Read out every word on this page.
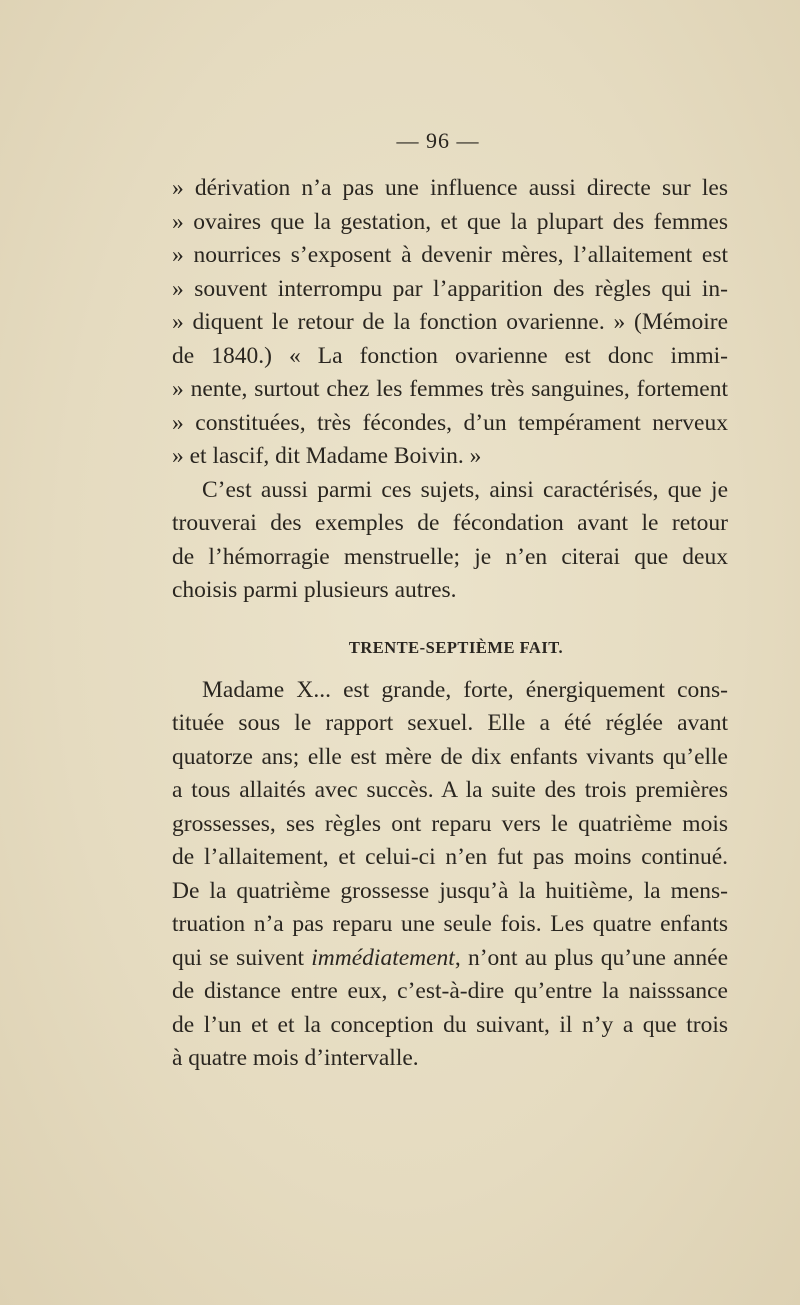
— 96 —
» dérivation n’a pas une influence aussi directe sur les
» ovaires que la gestation, et que la plupart des femmes
» nourrices s’exposent à devenir mères, l’allaitement est
» souvent interrompu par l’apparition des règles qui in-
» diquent le retour de la fonction ovarienne. » (Mémoire
de 1840.) « La fonction ovarienne est donc immi-
» nente, surtout chez les femmes très sanguines, fortement
» constituées, très fécondes, d’un tempérament nerveux
» et lascif, dit Madame Boivin. »
C’est aussi parmi ces sujets, ainsi caractérisés, que je
trouverai des exemples de fécondation avant le retour
de l’hémorragie menstruelle; je n’en citerai que deux
choisis parmi plusieurs autres.
TRENTE-SEPTIÈME FAIT.
Madame X... est grande, forte, énergiquement cons-
tituée sous le rapport sexuel. Elle a été réglée avant
quatorze ans; elle est mère de dix enfants vivants qu’elle
a tous allaités avec succès. A la suite des trois premières
grossesses, ses règles ont reparu vers le quatrième mois
de l’allaitement, et celui-ci n’en fut pas moins continué.
De la quatrième grossesse jusqu’à la huitième, la mens-
truation n’a pas reparu une seule fois. Les quatre enfants
qui se suivent immédiatement, n’ont au plus qu’une année
de distance entre eux, c’est-à-dire qu’entre la naisssance
de l’un et et la conception du suivant, il n’y a que trois
à quatre mois d’intervalle.
